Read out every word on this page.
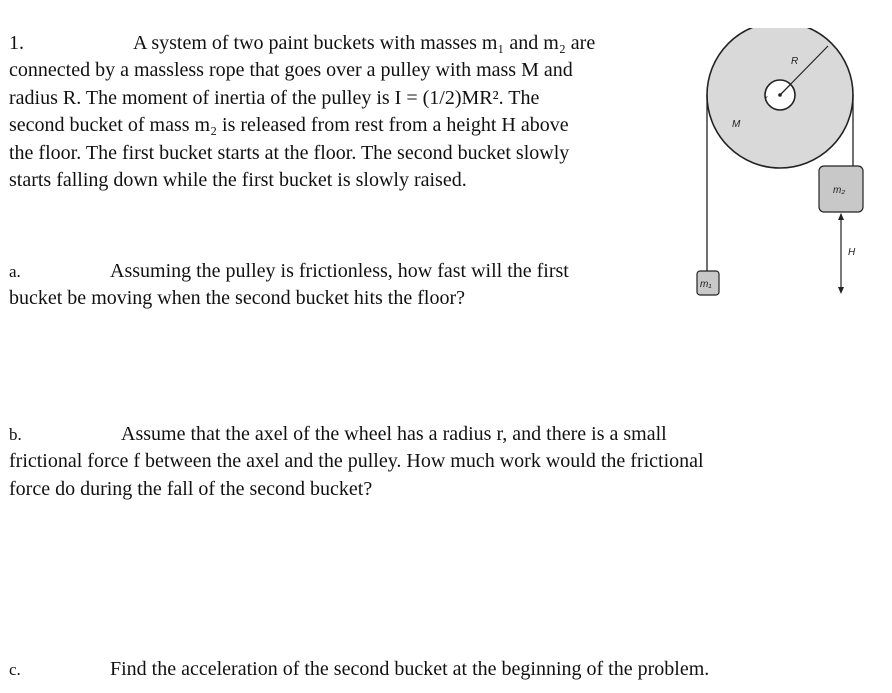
1.	A system of two paint buckets with masses m₁ and m₂ are
connected by a massless rope that goes over a pulley with mass M and
radius R. The moment of inertia of the pulley is I = (1/2)MR². The
second bucket of mass m₂ is released from rest from a height H above
the floor. The first bucket starts at the floor. The second bucket slowly
starts falling down while the first bucket is slowly raised.
a.	Assuming the pulley is frictionless, how fast will the first
bucket be moving when the second bucket hits the floor?
b.	Assume that the axel of the wheel has a radius r, and there is a small
frictional force f between the axel and the pulley. How much work would the frictional
force do during the fall of the second bucket?
c.	Find the acceleration of the second bucket at the beginning of the problem.
R
r
M
m₁
m₂
H
